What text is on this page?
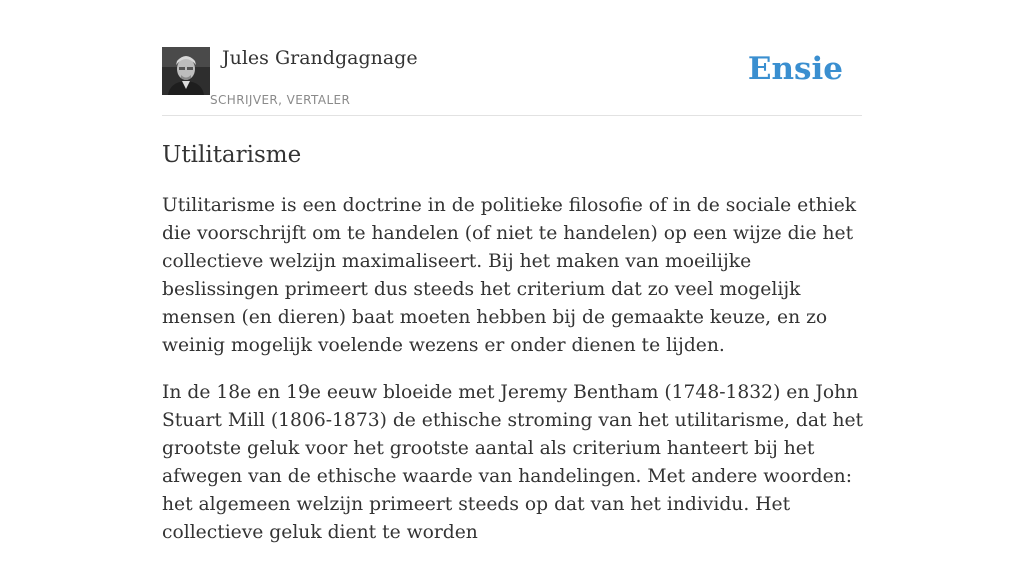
Jules Grandgagnage
SCHRIJVER, VERTALER
Ensie
Utilitarisme

Utilitarisme is een doctrine in de politieke filosofie of in de sociale ethiek die voorschrijft om te handelen (of niet te handelen) op een wijze die het collectieve welzijn maximaliseert. Bij het maken van moeilijke beslissingen primeert dus steeds het criterium dat zo veel mogelijk mensen (en dieren) baat moeten hebben bij de gemaakte keuze, en zo weinig mogelijk voelende wezens er onder dienen te lijden.

In de 18e en 19e eeuw bloeide met Jeremy Bentham (1748-1832) en John Stuart Mill (1806-1873) de ethische stroming van het utilitarisme, dat het grootste geluk voor het grootste aantal als criterium hanteert bij het afwegen van de ethische waarde van handelingen. Met andere woorden: het algemeen welzijn primeert steeds op dat van het individu. Het collectieve geluk dient te worden
